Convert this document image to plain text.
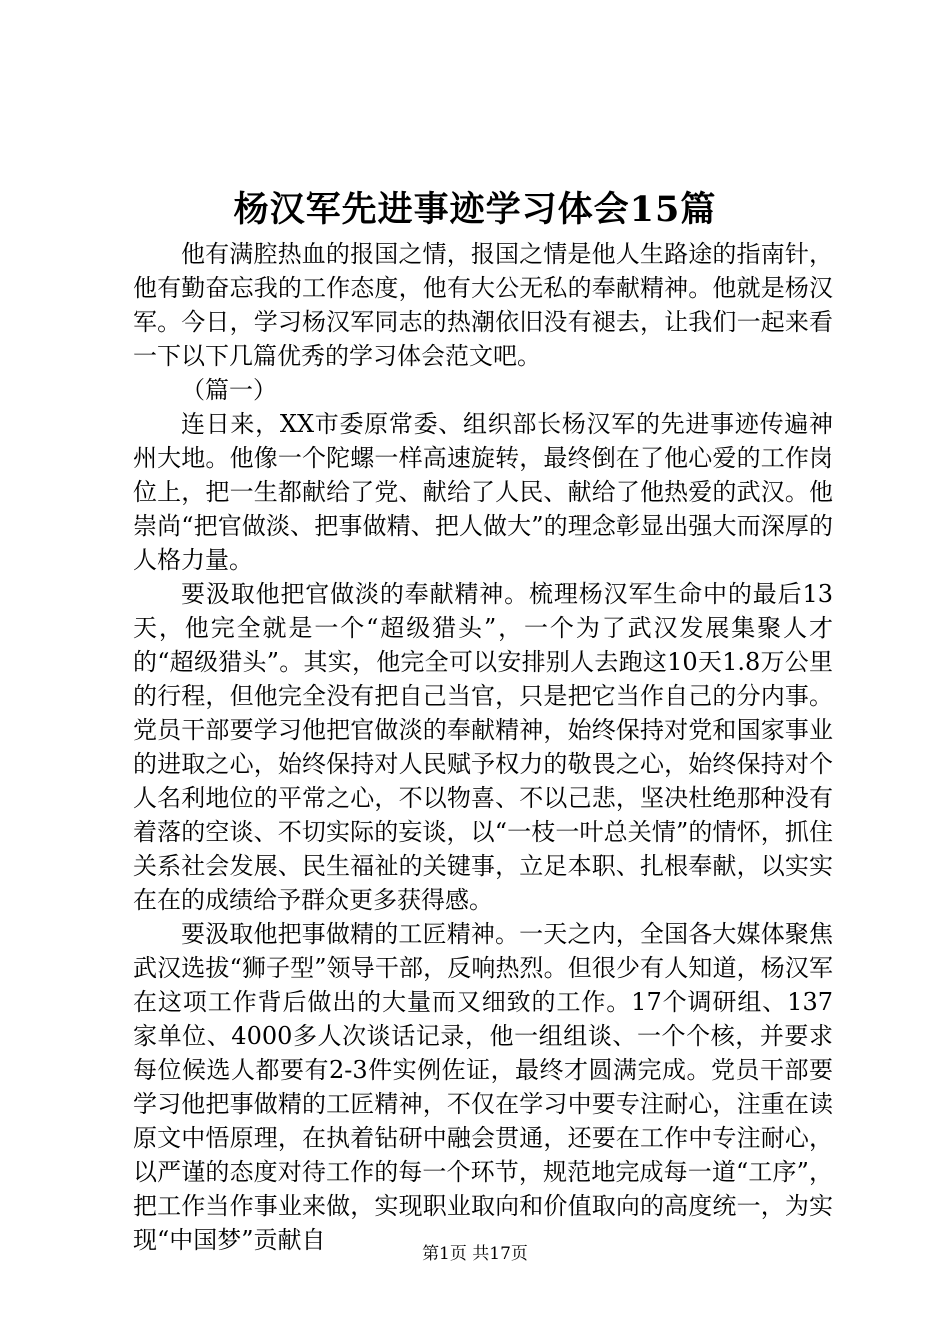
杨汉军先进事迹学习体会15篇

他有满腔热血的报国之情，报国之情是他人生路途的指南针，他有勤奋忘我的工作态度，他有大公无私的奉献精神。他就是杨汉军。今日，学习杨汉军同志的热潮依旧没有褪去，让我们一起来看一下以下几篇优秀的学习体会范文吧。

（篇一）

连日来，XX市委原常委、组织部长杨汉军的先进事迹传遍神州大地。他像一个陀螺一样高速旋转，最终倒在了他心爱的工作岗位上，把一生都献给了党、献给了人民、献给了他热爱的武汉。他崇尚“把官做淡、把事做精、把人做大”的理念彰显出强大而深厚的人格力量。

要汲取他把官做淡的奉献精神。梳理杨汉军生命中的最后13天，他完全就是一个“超级猎头”，一个为了武汉发展集聚人才的“超级猎头”。其实，他完全可以安排别人去跑这10天1.8万公里的行程，但他完全没有把自己当官，只是把它当作自己的分内事。党员干部要学习他把官做淡的奉献精神，始终保持对党和国家事业的进取之心，始终保持对人民赋予权力的敬畏之心，始终保持对个人名利地位的平常之心，不以物喜、不以己悲，坚决杜绝那种没有着落的空谈、不切实际的妄谈，以“一枝一叶总关情”的情怀，抓住关系社会发展、民生福祉的关键事，立足本职、扎根奉献，以实实在在的成绩给予群众更多获得感。

要汲取他把事做精的工匠精神。一天之内，全国各大媒体聚焦武汉选拔“狮子型”领导干部，反响热烈。但很少有人知道，杨汉军在这项工作背后做出的大量而又细致的工作。17个调研组、137家单位、4000多人次谈话记录，他一组组谈、一个个核，并要求每位候选人都要有2-3件实例佐证，最终才圆满完成。党员干部要学习他把事做精的工匠精神，不仅在学习中要专注耐心，注重在读原文中悟原理，在执着钻研中融会贯通，还要在工作中专注耐心，以严谨的态度对待工作的每一个环节，规范地完成每一道“工序”，把工作当作事业来做，实现职业取向和价值取向的高度统一，为实现“中国梦”贡献自	第1页 共17页
